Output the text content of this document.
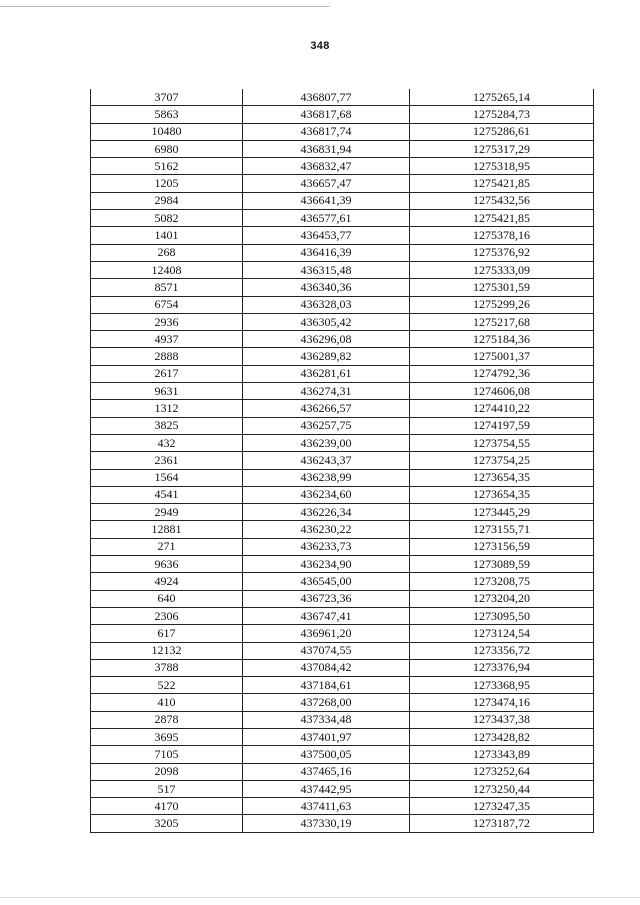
348
3707	436807,77	1275265,14
5863	436817,68	1275284,73
10480	436817,74	1275286,61
6980	436831,94	1275317,29
5162	436832,47	1275318,95
1205	436657,47	1275421,85
2984	436641,39	1275432,56
5082	436577,61	1275421,85
1401	436453,77	1275378,16
268	436416,39	1275376,92
12408	436315,48	1275333,09
8571	436340,36	1275301,59
6754	436328,03	1275299,26
2936	436305,42	1275217,68
4937	436296,08	1275184,36
2888	436289,82	1275001,37
2617	436281,61	1274792,36
9631	436274,31	1274606,08
1312	436266,57	1274410,22
3825	436257,75	1274197,59
432	436239,00	1273754,55
2361	436243,37	1273754,25
1564	436238,99	1273654,35
4541	436234,60	1273654,35
2949	436226,34	1273445,29
12881	436230,22	1273155,71
271	436233,73	1273156,59
9636	436234,90	1273089,59
4924	436545,00	1273208,75
640	436723,36	1273204,20
2306	436747,41	1273095,50
617	436961,20	1273124,54
12132	437074,55	1273356,72
3788	437084,42	1273376,94
522	437184,61	1273368,95
410	437268,00	1273474,16
2878	437334,48	1273437,38
3695	437401,97	1273428,82
7105	437500,05	1273343,89
2098	437465,16	1273252,64
517	437442,95	1273250,44
4170	437411,63	1273247,35
3205	437330,19	1273187,72
